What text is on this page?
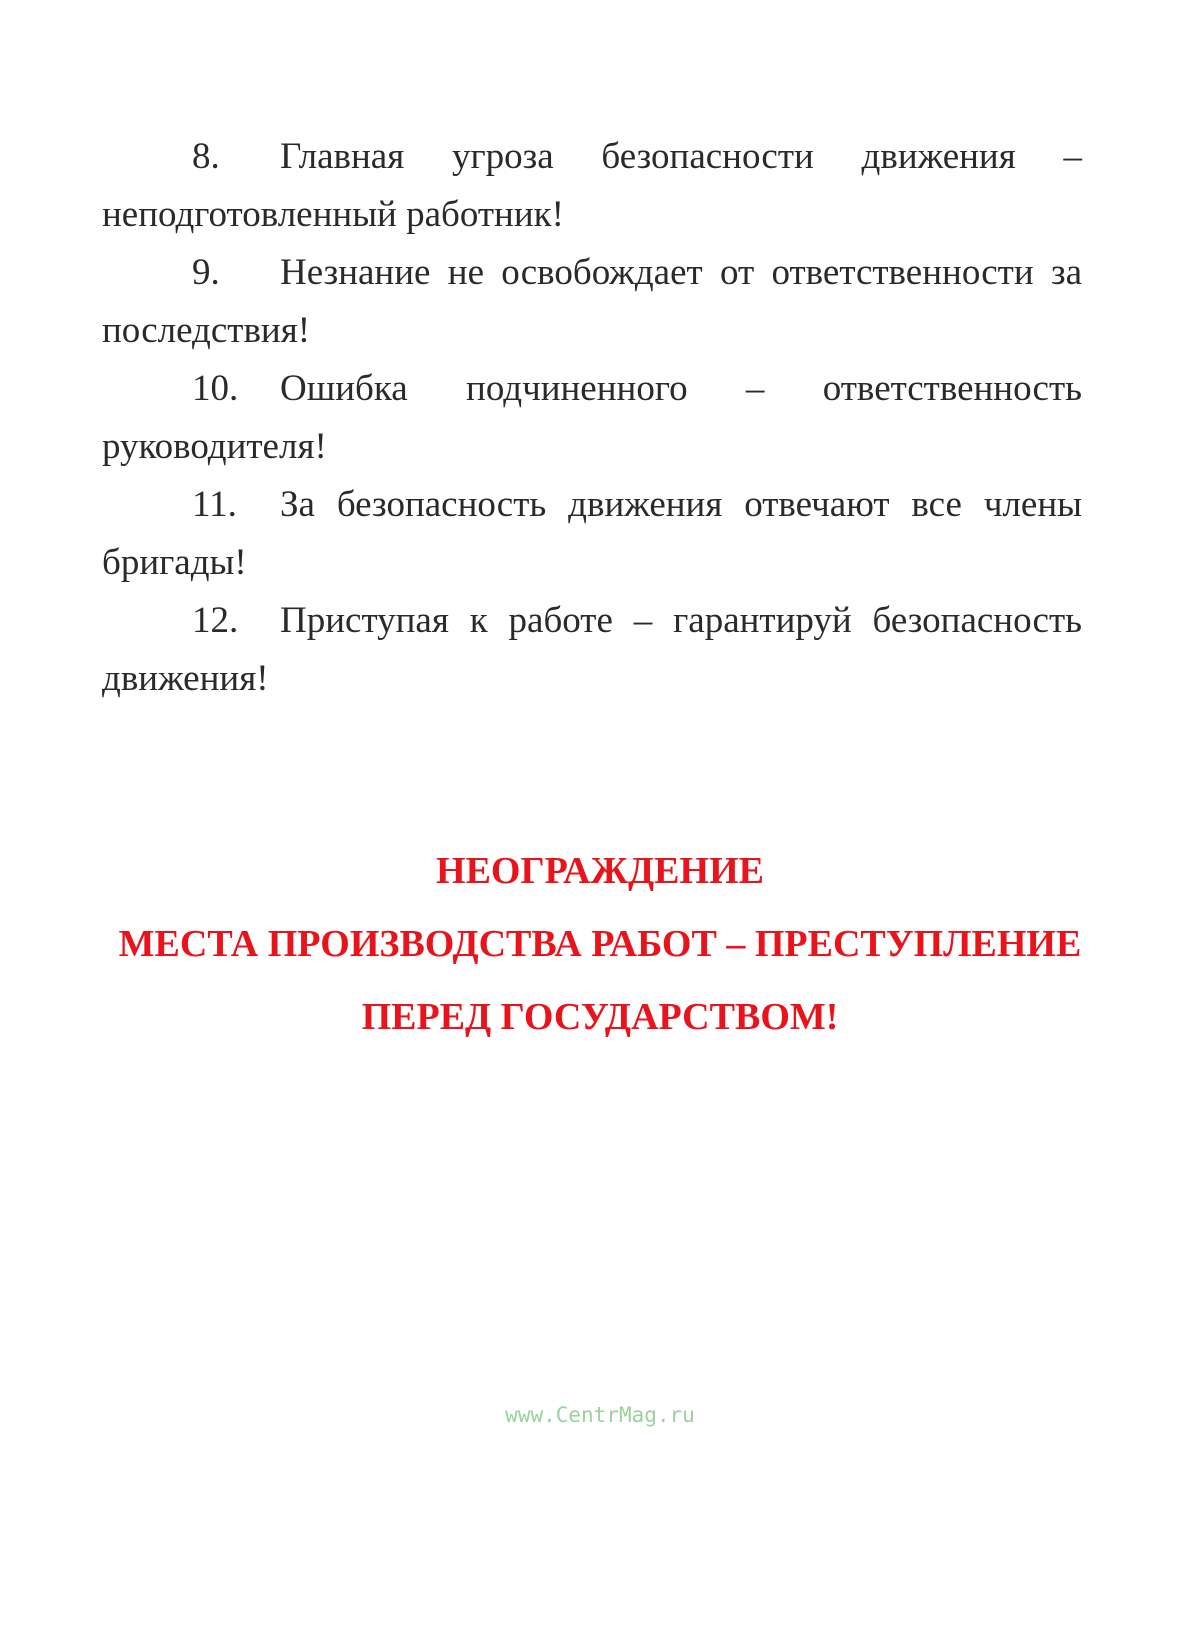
8. Главная угроза безопасности движения – неподготовленный работник!

9. Незнание не освобождает от ответственности за последствия!

10. Ошибка подчиненного – ответственность руководителя!

11. За безопасность движения отвечают все члены бригады!

12. Приступая к работе – гарантируй безопасность движения!

НЕОГРАЖДЕНИЕ
МЕСТА ПРОИЗВОДСТВА РАБОТ – ПРЕСТУПЛЕНИЕ
ПЕРЕД ГОСУДАРСТВОМ!
www.CentrMag.ru
